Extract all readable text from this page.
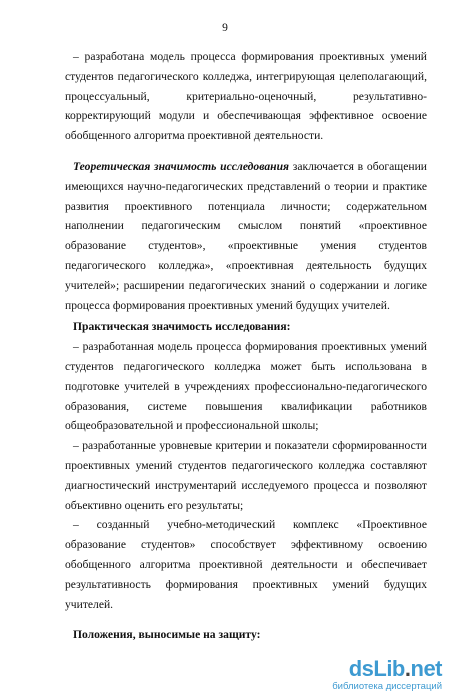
9

– разработана модель процесса формирования проективных умений студентов педагогического колледжа, интегрирующая целеполагающий, процессуальный, критериально-оценочный, результативно-корректирующий модули и обеспечивающая эффективное освоение обобщенного алгоритма проективной деятельности.

Теоретическая значимость исследования заключается в обогащении имеющихся научно-педагогических представлений о теории и практике развития проективного потенциала личности; содержательном наполнении педагогическим смыслом понятий «проективное образование студентов», «проективные умения студентов педагогического колледжа», «проективная деятельность будущих учителей»; расширении педагогических знаний о содержании и логике процесса формирования проективных умений будущих учителей.

Практическая значимость исследования:

– разработанная модель процесса формирования проективных умений студентов педагогического колледжа может быть использована в подготовке учителей в учреждениях профессионально-педагогического образования, системе повышения квалификации работников общеобразовательной и профессиональной школы;

– разработанные уровневые критерии и показатели сформированности проективных умений студентов педагогического колледжа составляют диагностический инструментарий исследуемого процесса и позволяют объективно оценить его результаты;

– созданный учебно-методический комплекс «Проективное образование студентов» способствует эффективному освоению обобщенного алгоритма проективной деятельности и обеспечивает результативность формирования проективных умений будущих учителей.

Положения, выносимые на защиту:

dsLib.net
библиотека диссертаций
